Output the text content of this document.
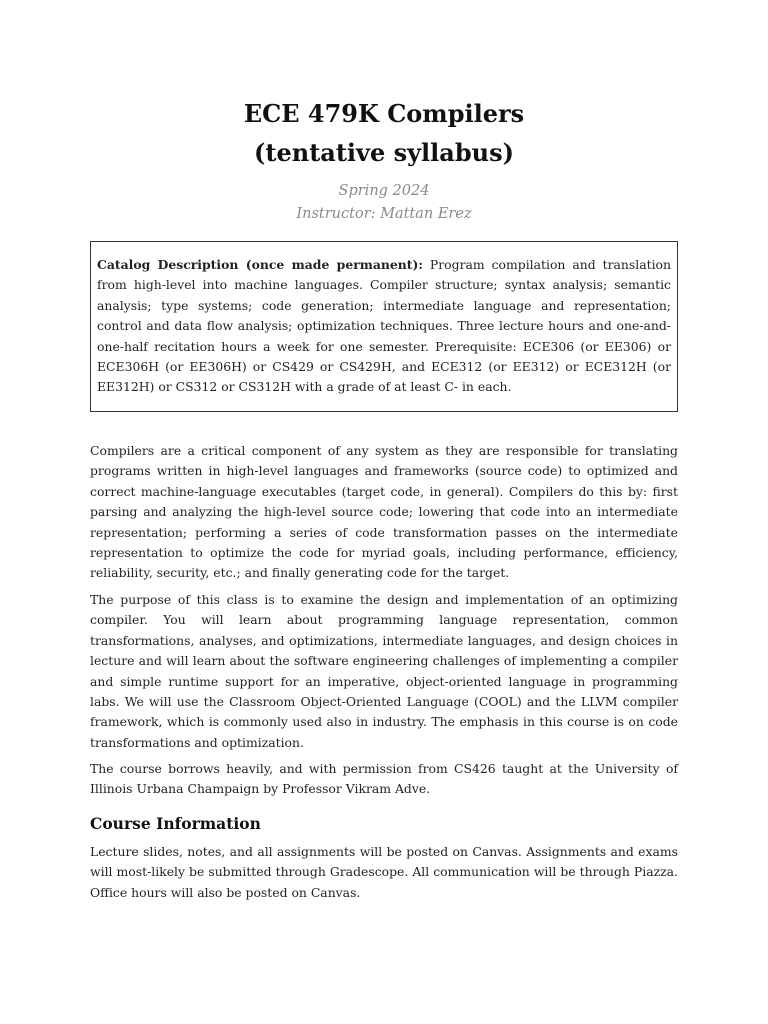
ECE 479K Compilers
(tentative syllabus)
Spring 2024
Instructor: Mattan Erez

Catalog Description (once made permanent): Program compilation and translation from high-level into machine languages. Compiler structure; syntax analysis; semantic analysis; type systems; code generation; intermediate language and representation; control and data flow analysis; optimization techniques. Three lecture hours and one-and-one-half recitation hours a week for one semester. Prerequisite: ECE306 (or EE306) or ECE306H (or EE306H) or CS429 or CS429H, and ECE312 (or EE312) or ECE312H (or EE312H) or CS312 or CS312H with a grade of at least C- in each.

Compilers are a critical component of any system as they are responsible for translating programs written in high-level languages and frameworks (source code) to optimized and correct machine-language executables (target code, in general). Compilers do this by: first parsing and analyzing the high-level source code; lowering that code into an intermediate representation; performing a series of code transformation passes on the intermediate representation to optimize the code for myriad goals, including performance, efficiency, reliability, security, etc.; and finally generating code for the target.

The purpose of this class is to examine the design and implementation of an optimizing compiler. You will learn about programming language representation, common transformations, analyses, and optimizations, intermediate languages, and design choices in lecture and will learn about the software engineering challenges of implementing a compiler and simple runtime support for an imperative, object-oriented language in programming labs. We will use the Classroom Object-Oriented Language (COOL) and the LLVM compiler framework, which is commonly used also in industry. The emphasis in this course is on code transformations and optimization.

The course borrows heavily, and with permission from CS426 taught at the University of Illinois Urbana Champaign by Professor Vikram Adve.

Course Information

Lecture slides, notes, and all assignments will be posted on Canvas. Assignments and exams will most-likely be submitted through Gradescope. All communication will be through Piazza. Office hours will also be posted on Canvas.
